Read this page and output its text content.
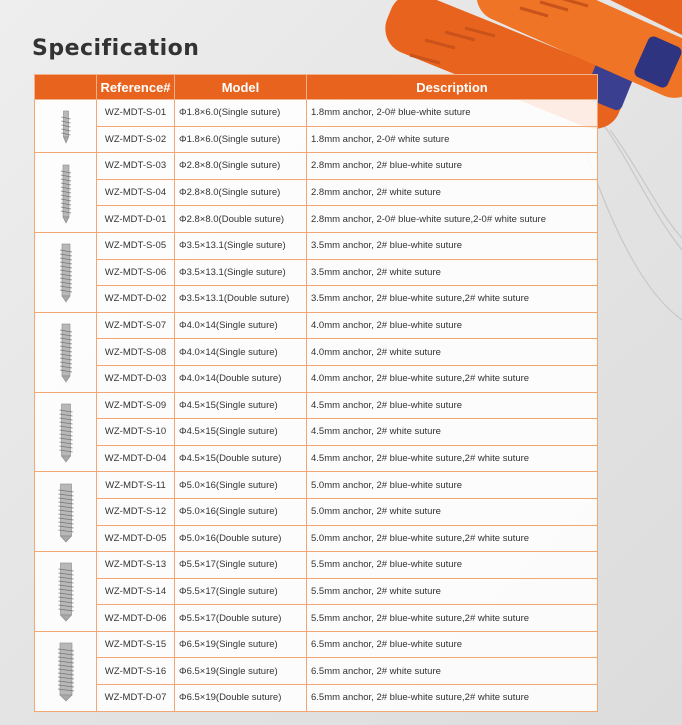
Specification
	Reference#	Model	Description

	WZ-MDT-S-01	Φ1.8×6.0(Single suture)	1.8mm anchor, 2-0# blue-white suture
	WZ-MDT-S-02	Φ1.8×6.0(Single suture)	1.8mm anchor, 2-0# white suture

	WZ-MDT-S-03	Φ2.8×8.0(Single suture)	2.8mm anchor, 2# blue-white suture
	WZ-MDT-S-04	Φ2.8×8.0(Single suture)	2.8mm anchor, 2# white suture
	WZ-MDT-D-01	Φ2.8×8.0(Double suture)	2.8mm anchor, 2-0# blue-white suture,2-0# white suture

	WZ-MDT-S-05	Φ3.5×13.1(Single suture)	3.5mm anchor, 2# blue-white suture
	WZ-MDT-S-06	Φ3.5×13.1(Single suture)	3.5mm anchor, 2# white suture
	WZ-MDT-D-02	Φ3.5×13.1(Double suture)	3.5mm anchor, 2# blue-white suture,2# white suture

	WZ-MDT-S-07	Φ4.0×14(Single suture)	4.0mm anchor, 2# blue-white suture
	WZ-MDT-S-08	Φ4.0×14(Single suture)	4.0mm anchor, 2# white suture
	WZ-MDT-D-03	Φ4.0×14(Double suture)	4.0mm anchor, 2# blue-white suture,2# white suture

	WZ-MDT-S-09	Φ4.5×15(Single suture)	4.5mm anchor, 2# blue-white suture
	WZ-MDT-S-10	Φ4.5×15(Single suture)	4.5mm anchor, 2# white suture
	WZ-MDT-D-04	Φ4.5×15(Double suture)	4.5mm anchor, 2# blue-white suture,2# white suture

	WZ-MDT-S-11	Φ5.0×16(Single suture)	5.0mm anchor, 2# blue-white suture
	WZ-MDT-S-12	Φ5.0×16(Single suture)	5.0mm anchor, 2# white suture
	WZ-MDT-D-05	Φ5.0×16(Double suture)	5.0mm anchor, 2# blue-white suture,2# white suture

	WZ-MDT-S-13	Φ5.5×17(Single suture)	5.5mm anchor, 2# blue-white suture
	WZ-MDT-S-14	Φ5.5×17(Single suture)	5.5mm anchor, 2# white suture
	WZ-MDT-D-06	Φ5.5×17(Double suture)	5.5mm anchor, 2# blue-white suture,2# white suture

	WZ-MDT-S-15	Φ6.5×19(Single suture)	6.5mm anchor, 2# blue-white suture
	WZ-MDT-S-16	Φ6.5×19(Single suture)	6.5mm anchor, 2# white suture
	WZ-MDT-D-07	Φ6.5×19(Double suture)	6.5mm anchor, 2# blue-white suture,2# white suture
